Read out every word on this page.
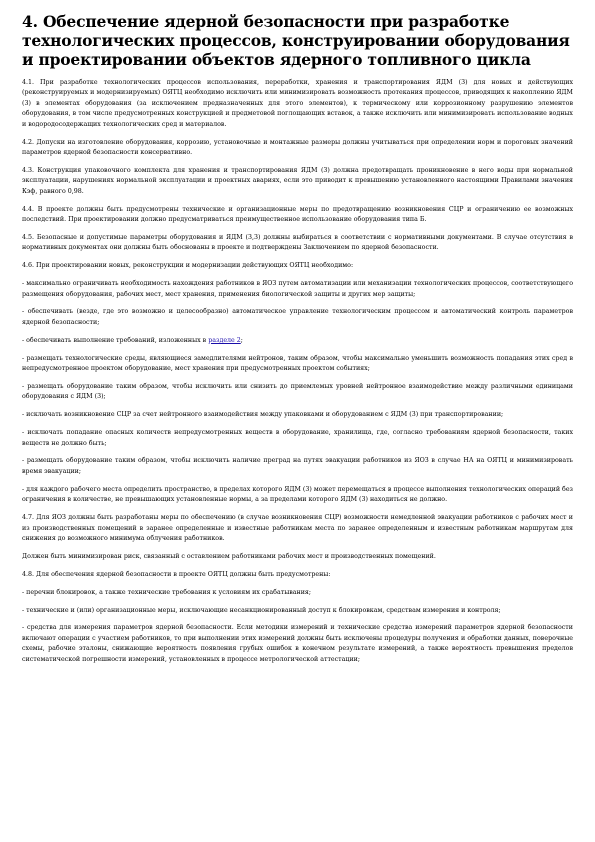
4. Обеспечение ядерной безопасности при разработке технологических процессов, конструировании оборудования и проектировании объектов ядерного топливного цикла

4.1. При разработке технологических процессов использования, переработки, хранения и транспортирования ЯДМ (3) для новых и действующих (реконструируемых и модернизируемых) ОЯТЦ необходимо исключить или минимизировать возможность протекания процессов, приводящих к накоплению ЯДМ (3) в элементах оборудования (за исключением предназначенных для этого элементов), к термическому или коррозионному разрушению элементов оборудования, в том числе предусмотренных конструкцией и предметовой поглощающих вставок, а также исключить или минимизировать использование водных и водородосодержащих технологических сред и материалов.

4.2. Допуски на изготовление оборудования, коррозию, установочные и монтажные размеры должны учитываться при определении норм и пороговых значений параметров ядерной безопасности консервативно.

4.3. Конструкция упаковочного комплекта для хранения и транспортирования ЯДМ (3) должна предотвращать проникновение в него воды при нормальной эксплуатации, нарушениях нормальной эксплуатации и проектных авариях, если это приводит к превышению установленного настоящими Правилами значения Кэф, равного 0,98.

4.4. В проекте должны быть предусмотрены технические и организационные меры по предотвращению возникновения СЦР и ограничению ее возможных последствий. При проектировании должно предусматриваться преимущественное использование оборудования типа Б.

4.5. Безопасные и допустимые параметры оборудования и ЯДМ (3,3) должны выбираться в соответствии с нормативными документами. В случае отсутствия в нормативных документах они должны быть обоснованы в проекте и подтверждены Заключением по ядерной безопасности.

4.6. При проектировании новых, реконструкции и модернизации действующих ОЯТЦ необходимо:

- максимально ограничивать необходимость нахождения работников в ЯОЗ путем автоматизации или механизации технологических процессов, соответствующего размещения оборудования, рабочих мест, мест хранения, применения биологической защиты и других мер защиты;

- обеспечивать (везде, где это возможно и целесообразно) автоматическое управление технологическим процессом и автоматический контроль параметров ядерной безопасности;

- обеспечивать выполнение требований, изложенных в разделе 2;

- размещать технологические среды, являющиеся замедлителями нейтронов, таким образом, чтобы максимально уменьшить возможность попадания этих сред в непредусмотренное проектом оборудование, мест хранения при предусмотренных проектом событиях;

- размещать оборудование таким образом, чтобы исключить или снизить до приемлемых уровней нейтронное взаимодействие между различными единицами оборудования с ЯДМ (3);

- исключать возникновение СЦР за счет нейтронного взаимодействия между упаковками и оборудованием с ЯДМ (3) при транспортировании;

- исключать попадание опасных количеств непредусмотренных веществ в оборудование, хранилища, где, согласно требованиям ядерной безопасности, таких веществ не должно быть;

- размещать оборудование таким образом, чтобы исключить наличие преград на путях эвакуации работников из ЯОЗ в случае НА на ОЯТЦ и минимизировать время эвакуации;

- для каждого рабочего места определить пространство, в пределах которого ЯДМ (3) может перемещаться в процессе выполнения технологических операций без ограничения в количестве, не превышающих установленные нормы, а за пределами которого ЯДМ (3) находиться не должно.

4.7. Для ЯОЗ должны быть разработаны меры по обеспечению (в случае возникновения СЦР) возможности немедленной эвакуации работников с рабочих мест и из производственных помещений в заранее определенные и известные работникам места по заранее определенным и известным работникам маршрутам для снижения до возможного минимума облучения работников.

Должен быть минимизирован риск, связанный с оставлением работниками рабочих мест и производственных помещений.

4.8. Для обеспечения ядерной безопасности в проекте ОЯТЦ должны быть предусмотрены:

- перечни блокировок, а также технические требования к условиям их срабатывания;

- технические и (или) организационные меры, исключающие несанкционированный доступ к блокировкам, средствам измерения и контроля;

- средства для измерения параметров ядерной безопасности. Если методики измерений и технические средства измерений параметров ядерной безопасности включают операции с участием работников, то при выполнении этих измерений должны быть исключены процедуры получения и обработки данных, поверочные схемы, рабочие эталоны, снижающие вероятность появления грубых ошибок в конечном результате измерений, а также вероятность превышения пределов систематической погрешности измерений, установленных в процессе метрологической аттестации;
